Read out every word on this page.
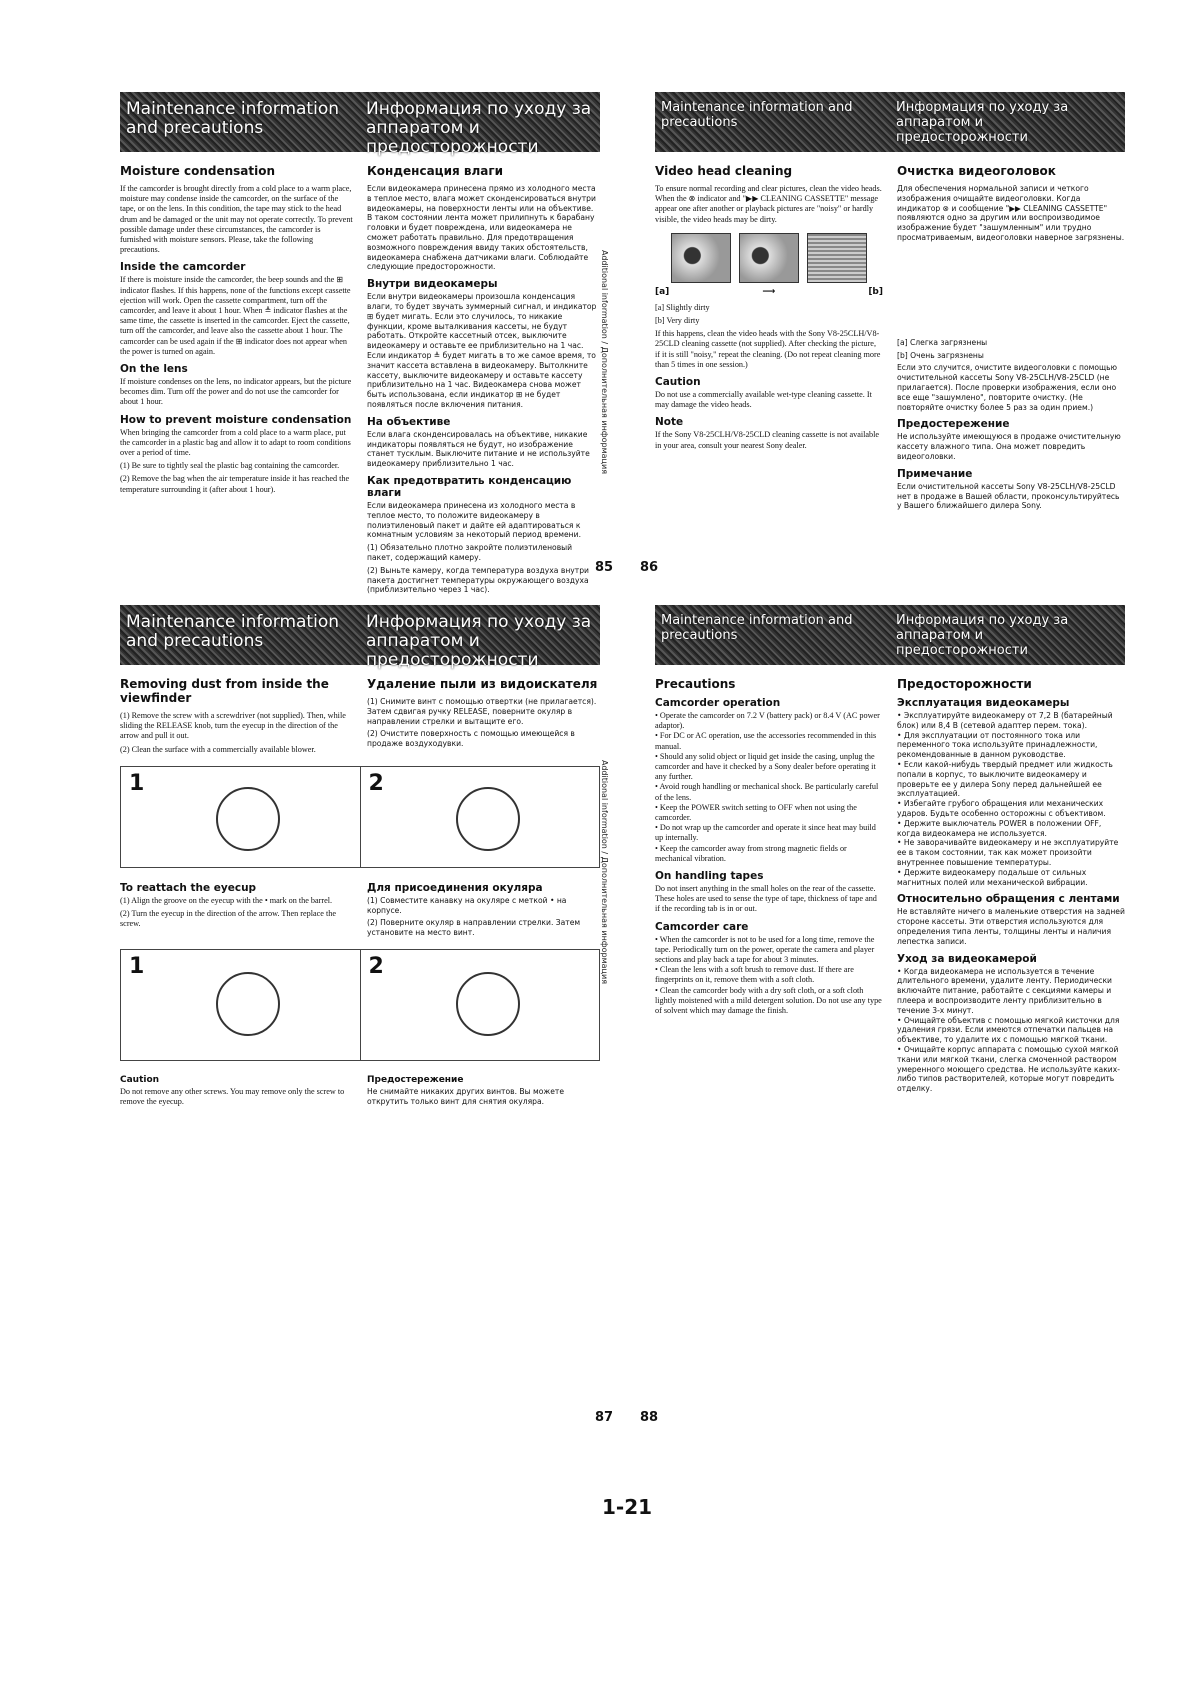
Maintenance information and precautions
Информация по уходу за аппаратом и предосторожности
Moisture condensation

If the camcorder is brought directly from a cold place to a warm place, moisture may condense inside the camcorder, on the surface of the tape, or on the lens. In this condition, the tape may stick to the head drum and be damaged or the unit may not operate correctly. To prevent possible damage under these circumstances, the camcorder is furnished with moisture sensors. Please, take the following precautions.

Inside the camcorder

If there is moisture inside the camcorder, the beep sounds and the ⊞ indicator flashes. If this happens, none of the functions except cassette ejection will work. Open the cassette compartment, turn off the camcorder, and leave it about 1 hour. When ≜ indicator flashes at the same time, the cassette is inserted in the camcorder. Eject the cassette, turn off the camcorder, and leave also the cassette about 1 hour. The camcorder can be used again if the ⊞ indicator does not appear when the power is turned on again.

On the lens

If moisture condenses on the lens, no indicator appears, but the picture becomes dim. Turn off the power and do not use the camcorder for about 1 hour.

How to prevent moisture condensation

When bringing the camcorder from a cold place to a warm place, put the camcorder in a plastic bag and allow it to adapt to room conditions over a period of time.

(1) Be sure to tightly seal the plastic bag containing the camcorder.

(2) Remove the bag when the air temperature inside it has reached the temperature surrounding it (after about 1 hour).

Конденсация влаги

Если видеокамера принесена прямо из холодного места в теплое место, влага может сконденсироваться внутри видеокамеры, на поверхности ленты или на объективе. В таком состоянии лента может прилипнуть к барабану головки и будет повреждена, или видеокамера не сможет работать правильно. Для предотвращения возможного повреждения ввиду таких обстоятельств, видеокамера снабжена датчиками влаги. Соблюдайте следующие предосторожности.

Внутри видеокамеры

Если внутри видеокамеры произошла конденсация влаги, то будет звучать зуммерный сигнал, и индикатор ⊞ будет мигать. Если это случилось, то никакие функции, кроме выталкивания кассеты, не будут работать. Откройте кассетный отсек, выключите видеокамеру и оставьте ее приблизительно на 1 час. Если индикатор ≜ будет мигать в то же самое время, то значит кассета вставлена в видеокамеру. Вытолкните кассету, выключите видеокамеру и оставьте кассету приблизительно на 1 час. Видеокамера снова может быть использована, если индикатор ⊞ не будет появляться после включения питания.

На объективе

Если влага сконденсировалась на объективе, никакие индикаторы появляться не будут, но изображение станет тусклым. Выключите питание и не используйте видеокамеру приблизительно 1 час.

Как предотвратить конденсацию влаги

Если видеокамера принесена из холодного места в теплое место, то положите видеокамеру в полиэтиленовый пакет и дайте ей адаптироваться к комнатным условиям за некоторый период времени.

(1) Обязательно плотно закройте полиэтиленовый пакет, содержащий камеру.

(2) Выньте камеру, когда температура воздуха внутри пакета достигнет температуры окружающего воздуха (приблизительно через 1 час).

Additional information / Дополнительная информация
85
Maintenance information and precautions
Информация по уходу за аппаратом и предосторожности
Video head cleaning

To ensure normal recording and clear pictures, clean the video heads. When the ⊗ indicator and "▶▶ CLEANING CASSETTE" message appear one after another or playback pictures are "noisy" or hardly visible, the video heads may be dirty.

[a]	⟶	[b]

[a] Slightly dirty

[b] Very dirty

If this happens, clean the video heads with the Sony V8-25CLH/V8-25CLD cleaning cassette (not supplied). After checking the picture, if it is still "noisy," repeat the cleaning. (Do not repeat cleaning more than 5 times in one session.)

Caution

Do not use a commercially available wet-type cleaning cassette. It may damage the video heads.

Note

If the Sony V8-25CLH/V8-25CLD cleaning cassette is not available in your area, consult your nearest Sony dealer.

Очистка видеоголовок

Для обеспечения нормальной записи и четкого изображения очищайте видеоголовки. Когда индикатор ⊗ и сообщение "▶▶ CLEANING CASSETTE" появляются одно за другим или воспроизводимое изображение будет "зашумленным" или трудно просматриваемым, видеоголовки наверное загрязнены.

[a] Слегка загрязнены

[b] Очень загрязнены

Если это случится, очистите видеоголовки с помощью очистительной кассеты Sony V8-25CLH/V8-25CLD (не прилагается). После проверки изображения, если оно все еще "зашумлено", повторите очистку. (Не повторяйте очистку более 5 раз за один прием.)

Предостережение

Не используйте имеющуюся в продаже очистительную кассету влажного типа. Она может повредить видеоголовки.

Примечание

Если очистительной кассеты Sony V8-25CLH/V8-25CLD нет в продаже в Вашей области, проконсультируйтесь у Вашего ближайшего дилера Sony.

86
Maintenance information and precautions
Информация по уходу за аппаратом и предосторожности
Removing dust from inside the viewfinder

(1) Remove the screw with a screwdriver (not supplied). Then, while sliding the RELEASE knob, turn the eyecup in the direction of the arrow and pull it out.

(2) Clean the surface with a commercially available blower.

Удаление пыли из видоискателя

(1) Снимите винт с помощью отвертки (не прилагается). Затем сдвигая ручку RELEASE, поверните окуляр в направлении стрелки и вытащите его.

(2) Очистите поверхность с помощью имеющейся в продаже воздуходувки.

1	2
To reattach the eyecup

(1) Align the groove on the eyecup with the • mark on the barrel.

(2) Turn the eyecup in the direction of the arrow. Then replace the screw.

Для присоединения окуляра

(1) Совместите канавку на окуляре с меткой • на корпусе.

(2) Поверните окуляр в направлении стрелки. Затем установите на место винт.

1	2
Caution

Do not remove any other screws. You may remove only the screw to remove the eyecup.

Предостережение

Не снимайте никаких других винтов. Вы можете открутить только винт для снятия окуляра.

Additional information / Дополнительная информация
87
Maintenance information and precautions
Информация по уходу за аппаратом и предосторожности
Precautions
Camcorder operation

• Operate the camcorder on 7.2 V (battery pack) or 8.4 V (AC power adaptor).
• For DC or AC operation, use the accessories recommended in this manual.
• Should any solid object or liquid get inside the casing, unplug the camcorder and have it checked by a Sony dealer before operating it any further.
• Avoid rough handling or mechanical shock. Be particularly careful of the lens.
• Keep the POWER switch setting to OFF when not using the camcorder.
• Do not wrap up the camcorder and operate it since heat may build up internally.
• Keep the camcorder away from strong magnetic fields or mechanical vibration.

On handling tapes

Do not insert anything in the small holes on the rear of the cassette. These holes are used to sense the type of tape, thickness of tape and if the recording tab is in or out.

Camcorder care

• When the camcorder is not to be used for a long time, remove the tape. Periodically turn on the power, operate the camera and player sections and play back a tape for about 3 minutes.
• Clean the lens with a soft brush to remove dust. If there are fingerprints on it, remove them with a soft cloth.
• Clean the camcorder body with a dry soft cloth, or a soft cloth lightly moistened with a mild detergent solution. Do not use any type of solvent which may damage the finish.

Предосторожности
Эксплуатация видеокамеры

• Эксплуатируйте видеокамеру от 7,2 В (батарейный блок) или 8,4 В (сетевой адаптер перем. тока).
• Для эксплуатации от постоянного тока или переменного тока используйте принадлежности, рекомендованные в данном руководстве.
• Если какой-нибудь твердый предмет или жидкость попали в корпус, то выключите видеокамеру и проверьте ее у дилера Sony перед дальнейшей ее эксплуатацией.
• Избегайте грубого обращения или механических ударов. Будьте особенно осторожны с объективом.
• Держите выключатель POWER в положении OFF, когда видеокамера не используется.
• Не заворачивайте видеокамеру и не эксплуатируйте ее в таком состоянии, так как может произойти внутреннее повышение температуры.
• Держите видеокамеру подальше от сильных магнитных полей или механической вибрации.

Относительно обращения с лентами

Не вставляйте ничего в маленькие отверстия на задней стороне кассеты. Эти отверстия используются для определения типа ленты, толщины ленты и наличия лепестка записи.

Уход за видеокамерой

• Когда видеокамера не используется в течение длительного времени, удалите ленту. Периодически включайте питание, работайте с секциями камеры и плеера и воспроизводите ленту приблизительно в течение 3-х минут.
• Очищайте объектив с помощью мягкой кисточки для удаления грязи. Если имеются отпечатки пальцев на объективе, то удалите их с помощью мягкой ткани.
• Очищайте корпус аппарата с помощью сухой мягкой ткани или мягкой ткани, слегка смоченной раствором умеренного моющего средства. Не используйте каких-либо типов растворителей, которые могут повредить отделку.

88
1-21
